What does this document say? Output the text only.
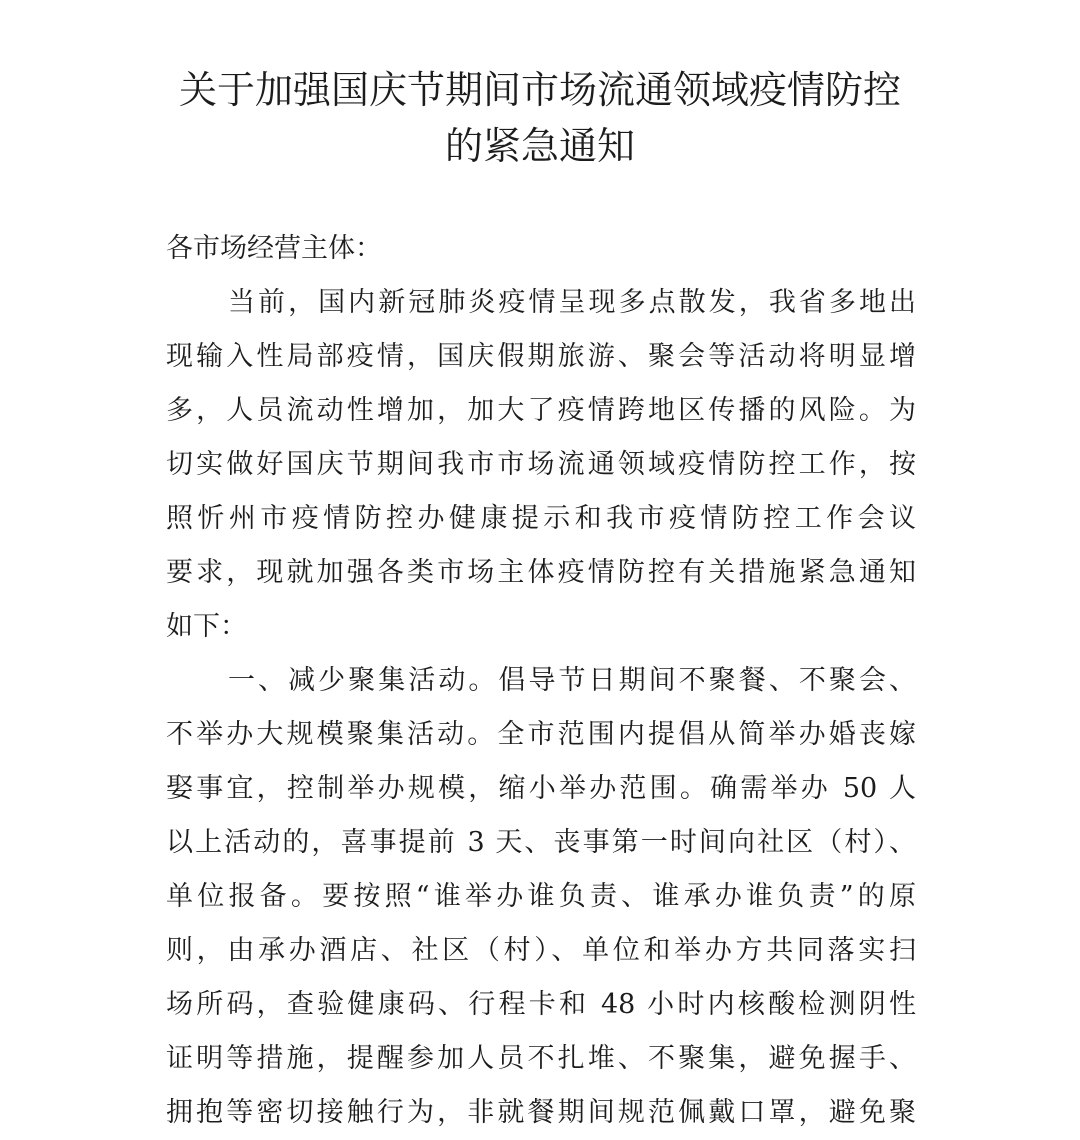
关于加强国庆节期间市场流通领域疫情防控
的紧急通知
各市场经营主体：
当前，国内新冠肺炎疫情呈现多点散发，我省多地出
现输入性局部疫情，国庆假期旅游、聚会等活动将明显增
多，人员流动性增加，加大了疫情跨地区传播的风险。为
切实做好国庆节期间我市市场流通领域疫情防控工作，按
照忻州市疫情防控办健康提示和我市疫情防控工作会议
要求，现就加强各类市场主体疫情防控有关措施紧急通知
如下：
一、减少聚集活动。倡导节日期间不聚餐、不聚会、
不举办大规模聚集活动。全市范围内提倡从简举办婚丧嫁
娶事宜，控制举办规模，缩小举办范围。确需举办 50 人
以上活动的，喜事提前 3 天、丧事第一时间向社区（村）、
单位报备。要按照“谁举办谁负责、谁承办谁负责”的原
则，由承办酒店、社区（村）、单位和举办方共同落实扫
场所码，查验健康码、行程卡和 48 小时内核酸检测阴性
证明等措施，提醒参加人员不扎堆、不聚集，避免握手、
拥抱等密切接触行为，非就餐期间规范佩戴口罩，避免聚
